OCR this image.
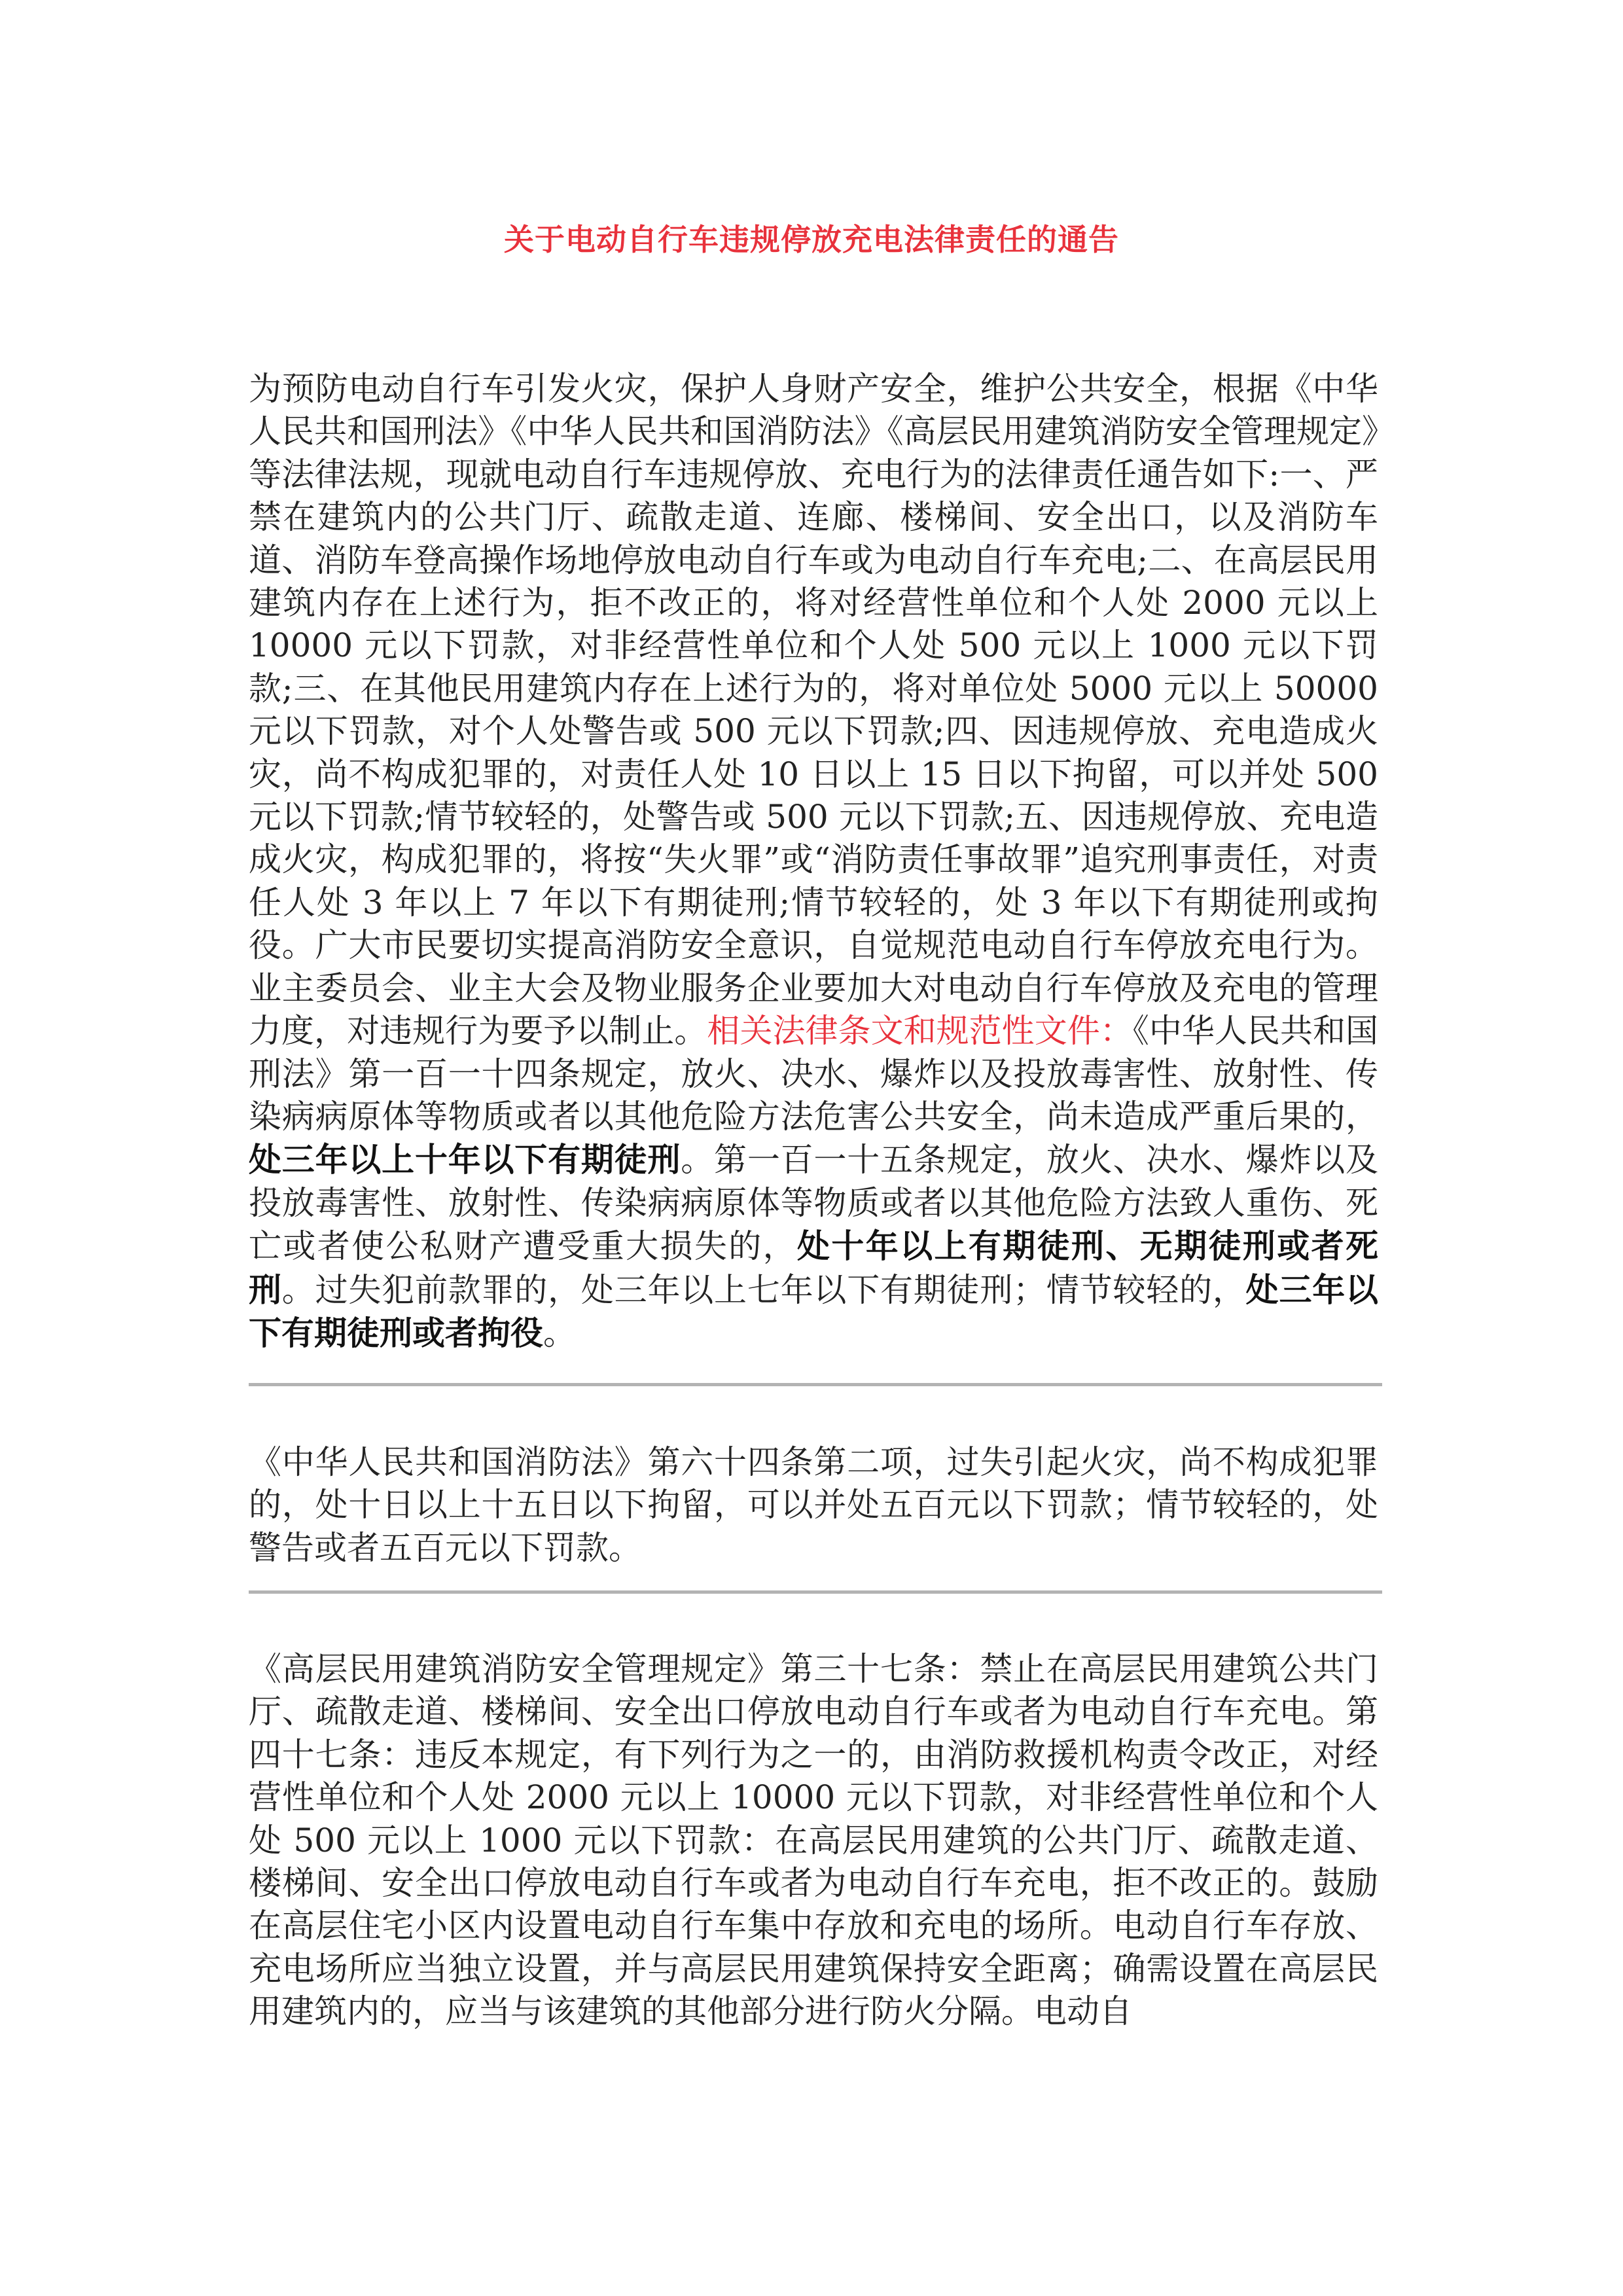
关于电动自行车违规停放充电法律责任的通告

为预防电动自行车引发火灾，保护人身财产安全，维护公共安全，根据《中华人民共和国刑法》《中华人民共和国消防法》《高层民用建筑消防安全管理规定》等法律法规，现就电动自行车违规停放、充电行为的法律责任通告如下:一、严禁在建筑内的公共门厅、疏散走道、连廊、楼梯间、安全出口，以及消防车道、消防车登高操作场地停放电动自行车或为电动自行车充电;二、在高层民用建筑内存在上述行为，拒不改正的，将对经营性单位和个人处 2000 元以上 10000 元以下罚款，对非经营性单位和个人处 500 元以上 1000 元以下罚款;三、在其他民用建筑内存在上述行为的，将对单位处 5000 元以上 50000 元以下罚款，对个人处警告或 500 元以下罚款;四、因违规停放、充电造成火灾，尚不构成犯罪的，对责任人处 10 日以上 15 日以下拘留，可以并处 500 元以下罚款;情节较轻的，处警告或 500 元以下罚款;五、因违规停放、充电造成火灾，构成犯罪的，将按“失火罪”或“消防责任事故罪”追究刑事责任，对责任人处 3 年以上 7 年以下有期徒刑;情节较轻的，处 3 年以下有期徒刑或拘役。广大市民要切实提高消防安全意识，自觉规范电动自行车停放充电行为。业主委员会、业主大会及物业服务企业要加大对电动自行车停放及充电的管理力度，对违规行为要予以制止。相关法律条文和规范性文件：《中华人民共和国刑法》第一百一十四条规定，放火、决水、爆炸以及投放毒害性、放射性、传染病病原体等物质或者以其他危险方法危害公共安全，尚未造成严重后果的，处三年以上十年以下有期徒刑。第一百一十五条规定，放火、决水、爆炸以及投放毒害性、放射性、传染病病原体等物质或者以其他危险方法致人重伤、死亡或者使公私财产遭受重大损失的，处十年以上有期徒刑、无期徒刑或者死刑。过失犯前款罪的，处三年以上七年以下有期徒刑；情节较轻的，处三年以下有期徒刑或者拘役。

《中华人民共和国消防法》第六十四条第二项，过失引起火灾，尚不构成犯罪的，处十日以上十五日以下拘留，可以并处五百元以下罚款；情节较轻的，处警告或者五百元以下罚款。

《高层民用建筑消防安全管理规定》第三十七条：禁止在高层民用建筑公共门厅、疏散走道、楼梯间、安全出口停放电动自行车或者为电动自行车充电。第四十七条：违反本规定，有下列行为之一的，由消防救援机构责令改正，对经营性单位和个人处 2000 元以上 10000 元以下罚款，对非经营性单位和个人处 500 元以上 1000 元以下罚款：在高层民用建筑的公共门厅、疏散走道、楼梯间、安全出口停放电动自行车或者为电动自行车充电，拒不改正的。鼓励在高层住宅小区内设置电动自行车集中存放和充电的场所。电动自行车存放、充电场所应当独立设置，并与高层民用建筑保持安全距离；确需设置在高层民用建筑内的，应当与该建筑的其他部分进行防火分隔。电动自
